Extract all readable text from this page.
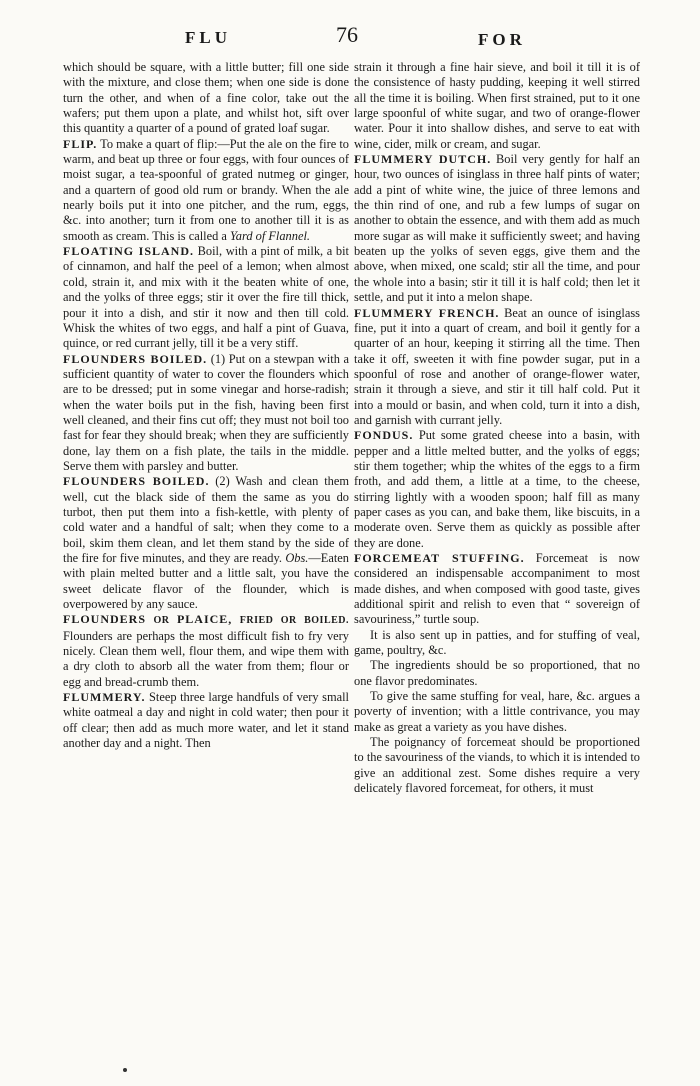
FLU	76	FOR

which should be square, with a little butter; fill one side with the mixture, and close them; when one side is done turn the other, and when of a fine color, take out the wafers; put them upon a plate, and whilst hot, sift over this quantity a quarter of a pound of grated loaf sugar.

FLIP. To make a quart of flip:—Put the ale on the fire to warm, and beat up three or four eggs, with four ounces of moist sugar, a tea-spoonful of grated nutmeg or ginger, and a quartern of good old rum or brandy. When the ale nearly boils put it into one pitcher, and the rum, eggs, &c. into another; turn it from one to another till it is as smooth as cream. This is called a Yard of Flannel.

FLOATING ISLAND. Boil, with a pint of milk, a bit of cinnamon, and half the peel of a lemon; when almost cold, strain it, and mix with it the beaten white of one, and the yolks of three eggs; stir it over the fire till thick, pour it into a dish, and stir it now and then till cold. Whisk the whites of two eggs, and half a pint of Guava, quince, or red currant jelly, till it be a very stiff.

FLOUNDERS BOILED. (1) Put on a stewpan with a sufficient quantity of water to cover the flounders which are to be dressed; put in some vinegar and horse-radish; when the water boils put in the fish, having been first well cleaned, and their fins cut off; they must not boil too fast for fear they should break; when they are sufficiently done, lay them on a fish plate, the tails in the middle. Serve them with parsley and butter.

FLOUNDERS BOILED. (2) Wash and clean them well, cut the black side of them the same as you do turbot, then put them into a fish-kettle, with plenty of cold water and a handful of salt; when they come to a boil, skim them clean, and let them stand by the side of the fire for five minutes, and they are ready. Obs.—Eaten with plain melted butter and a little salt, you have the sweet delicate flavor of the flounder, which is overpowered by any sauce.

FLOUNDERS OR PLAICE, FRIED OR BOILED. Flounders are perhaps the most difficult fish to fry very nicely. Clean them well, flour them, and wipe them with a dry cloth to absorb all the water from them; flour or egg and bread-crumb them.

FLUMMERY. Steep three large handfuls of very small white oatmeal a day and night in cold water; then pour it off clear; then add as much more water, and let it stand another day and a night. Then

strain it through a fine hair sieve, and boil it till it is of the consistence of hasty pudding, keeping it well stirred all the time it is boiling. When first strained, put to it one large spoonful of white sugar, and two of orange-flower water. Pour it into shallow dishes, and serve to eat with wine, cider, milk or cream, and sugar.

FLUMMERY DUTCH. Boil very gently for half an hour, two ounces of isinglass in three half pints of water; add a pint of white wine, the juice of three lemons and the thin rind of one, and rub a few lumps of sugar on another to obtain the essence, and with them add as much more sugar as will make it sufficiently sweet; and having beaten up the yolks of seven eggs, give them and the above, when mixed, one scald; stir all the time, and pour the whole into a basin; stir it till it is half cold; then let it settle, and put it into a melon shape.

FLUMMERY FRENCH. Beat an ounce of isinglass fine, put it into a quart of cream, and boil it gently for a quarter of an hour, keeping it stirring all the time. Then take it off, sweeten it with fine powder sugar, put in a spoonful of rose and another of orange-flower water, strain it through a sieve, and stir it till half cold. Put it into a mould or basin, and when cold, turn it into a dish, and garnish with currant jelly.

FONDUS. Put some grated cheese into a basin, with pepper and a little melted butter, and the yolks of eggs; stir them together; whip the whites of the eggs to a firm froth, and add them, a little at a time, to the cheese, stirring lightly with a wooden spoon; half fill as many paper cases as you can, and bake them, like biscuits, in a moderate oven. Serve them as quickly as possible after they are done.

FORCEMEAT STUFFING. Forcemeat is now considered an indispensable accompaniment to most made dishes, and when composed with good taste, gives additional spirit and relish to even that “ sovereign of savouriness,” turtle soup.

It is also sent up in patties, and for stuffing of veal, game, poultry, &c.

The ingredients should be so proportioned, that no one flavor predominates.

To give the same stuffing for veal, hare, &c. argues a poverty of invention; with a little contrivance, you may make as great a variety as you have dishes.

The poignancy of forcemeat should be proportioned to the savouriness of the viands, to which it is intended to give an additional zest. Some dishes require a very delicately flavored forcemeat, for others, it must
